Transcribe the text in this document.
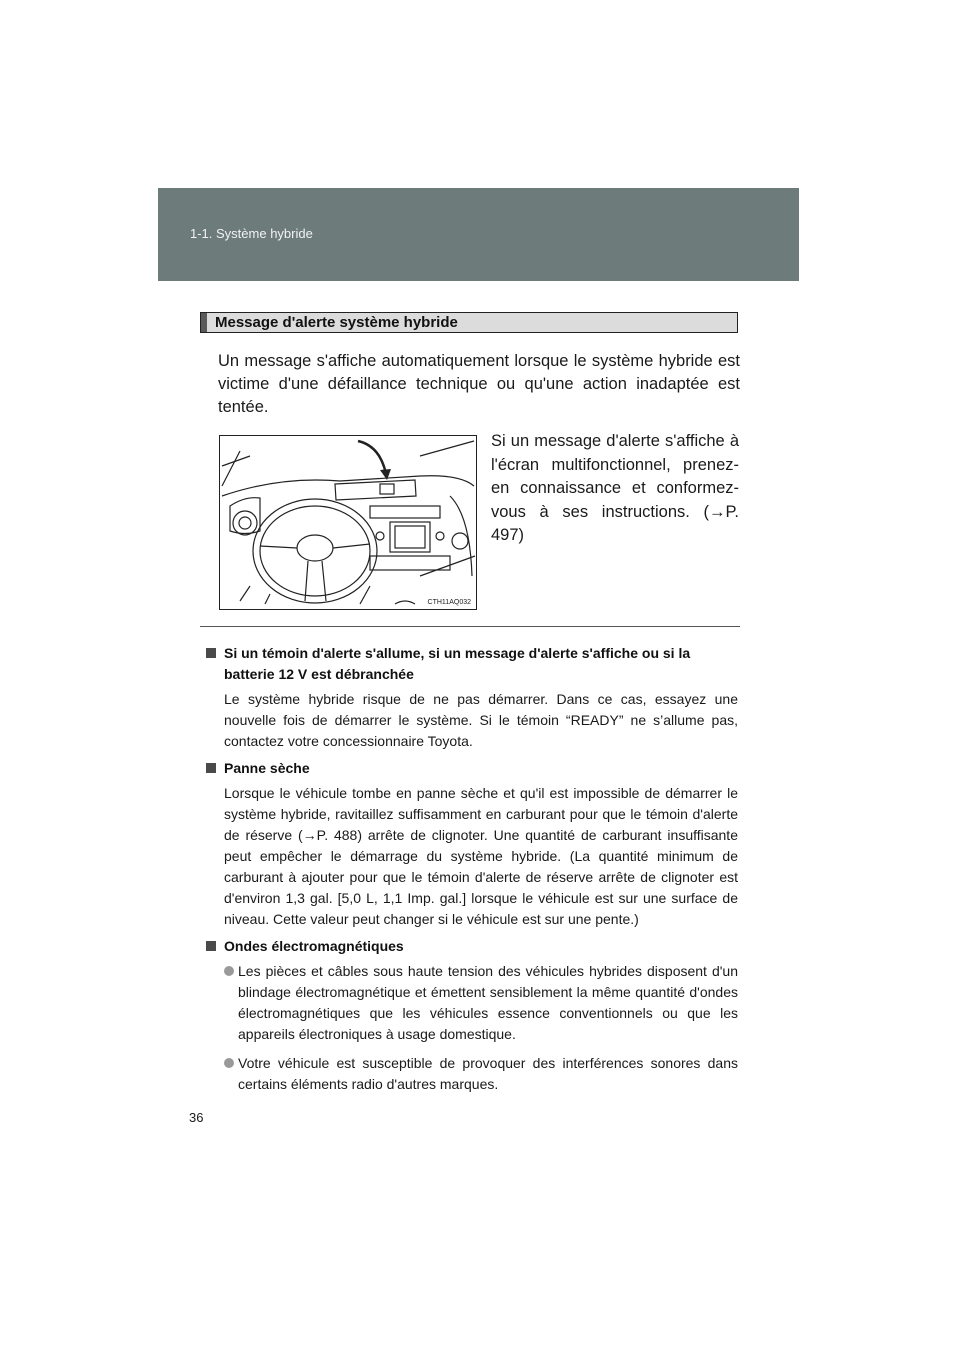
1-1. Système hybride
Message d'alerte système hybride
Un message s'affiche automatiquement lorsque le système hybride est victime d'une défaillance technique ou qu'une action inadaptée est tentée.
CTH11AQ032
Si un message d'alerte s'affiche à l'écran multifonctionnel, prenez-en connaissance et conformez-vous à ses instructions. (→P. 497)
Si un témoin d'alerte s'allume, si un message d'alerte s'affiche ou si la batterie 12 V est débranchée
Le système hybride risque de ne pas démarrer. Dans ce cas, essayez une nouvelle fois de démarrer le système. Si le témoin “READY” ne s’allume pas, contactez votre concessionnaire Toyota.
Panne sèche
Lorsque le véhicule tombe en panne sèche et qu'il est impossible de démarrer le système hybride, ravitaillez suffisamment en carburant pour que le témoin d'alerte de réserve (→P. 488) arrête de clignoter. Une quantité de carburant insuffisante peut empêcher le démarrage du système hybride. (La quantité minimum de carburant à ajouter pour que le témoin d'alerte de réserve arrête de clignoter est d'environ 1,3 gal. [5,0 L, 1,1 Imp. gal.] lorsque le véhicule est sur une surface de niveau. Cette valeur peut changer si le véhicule est sur une pente.)
Ondes électromagnétiques
Les pièces et câbles sous haute tension des véhicules hybrides disposent d'un blindage électromagnétique et émettent sensiblement la même quantité d'ondes électromagnétiques que les véhicules essence conventionnels ou que les appareils électroniques à usage domestique.
Votre véhicule est susceptible de provoquer des interférences sonores dans certains éléments radio d'autres marques.
36
